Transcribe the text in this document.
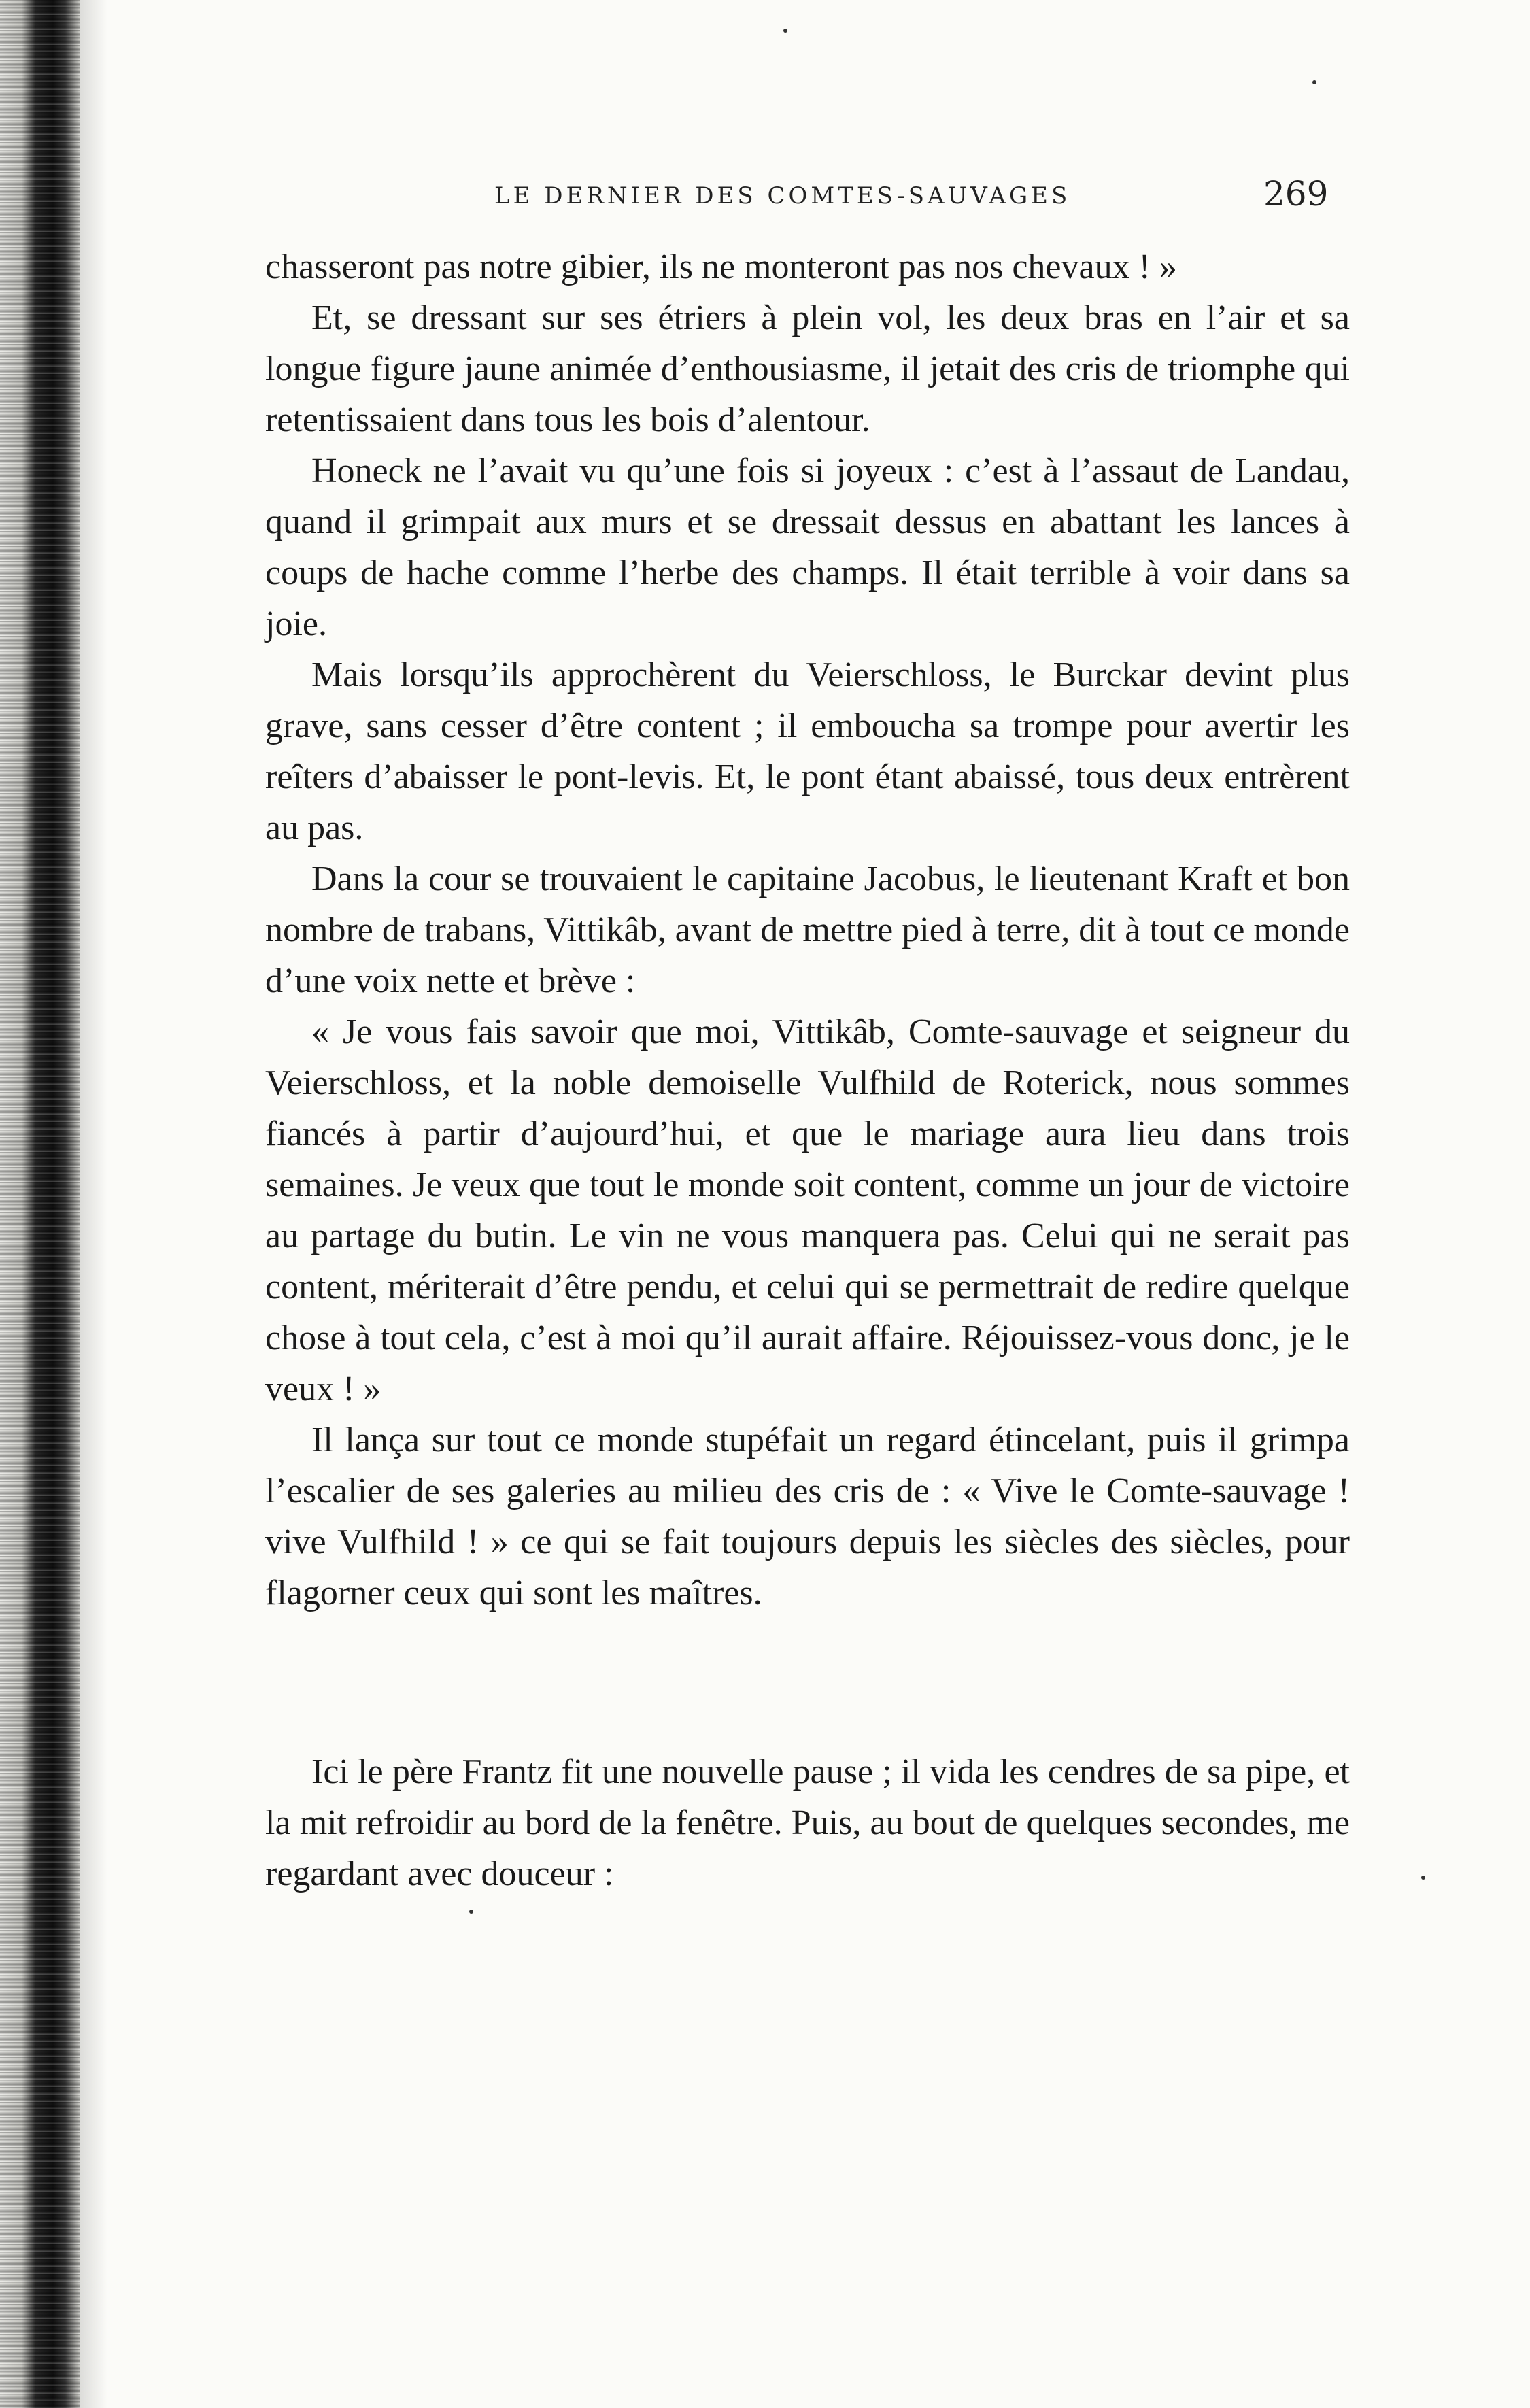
LE DERNIER DES COMTES-SAUVAGES	269

chasseront pas notre gibier, ils ne monteront pas nos chevaux ! »

Et, se dressant sur ses étriers à plein vol, les deux bras en l’air et sa longue figure jaune animée d’enthousiasme, il jetait des cris de triomphe qui retentissaient dans tous les bois d’alentour.

Honeck ne l’avait vu qu’une fois si joyeux : c’est à l’assaut de Landau, quand il grimpait aux murs et se dressait dessus en abattant les lances à coups de hache comme l’herbe des champs. Il était terrible à voir dans sa joie.

Mais lorsqu’ils approchèrent du Veierschloss, le Burckar devint plus grave, sans cesser d’être content ; il emboucha sa trompe pour avertir les reîters d’abaisser le pont-levis. Et, le pont étant abaissé, tous deux entrèrent au pas.

Dans la cour se trouvaient le capitaine Jacobus, le lieutenant Kraft et bon nombre de trabans, Vittikâb, avant de mettre pied à terre, dit à tout ce monde d’une voix nette et brève :

« Je vous fais savoir que moi, Vittikâb, Comte-sauvage et seigneur du Veierschloss, et la noble demoiselle Vulfhild de Roterick, nous sommes fiancés à partir d’aujourd’hui, et que le mariage aura lieu dans trois semaines. Je veux que tout le monde soit content, comme un jour de victoire au partage du butin. Le vin ne vous manquera pas. Celui qui ne serait pas content, mériterait d’être pendu, et celui qui se permettrait de redire quelque chose à tout cela, c’est à moi qu’il aurait affaire. Réjouissez-vous donc, je le veux ! »

Il lança sur tout ce monde stupéfait un regard étincelant, puis il grimpa l’escalier de ses galeries au milieu des cris de : « Vive le Comte-sauvage ! vive Vulfhild ! » ce qui se fait toujours depuis les siècles des siècles, pour flagorner ceux qui sont les maîtres.

Ici le père Frantz fit une nouvelle pause ; il vida les cendres de sa pipe, et la mit refroidir au bord de la fenêtre. Puis, au bout de quelques secondes, me regardant avec douceur :
